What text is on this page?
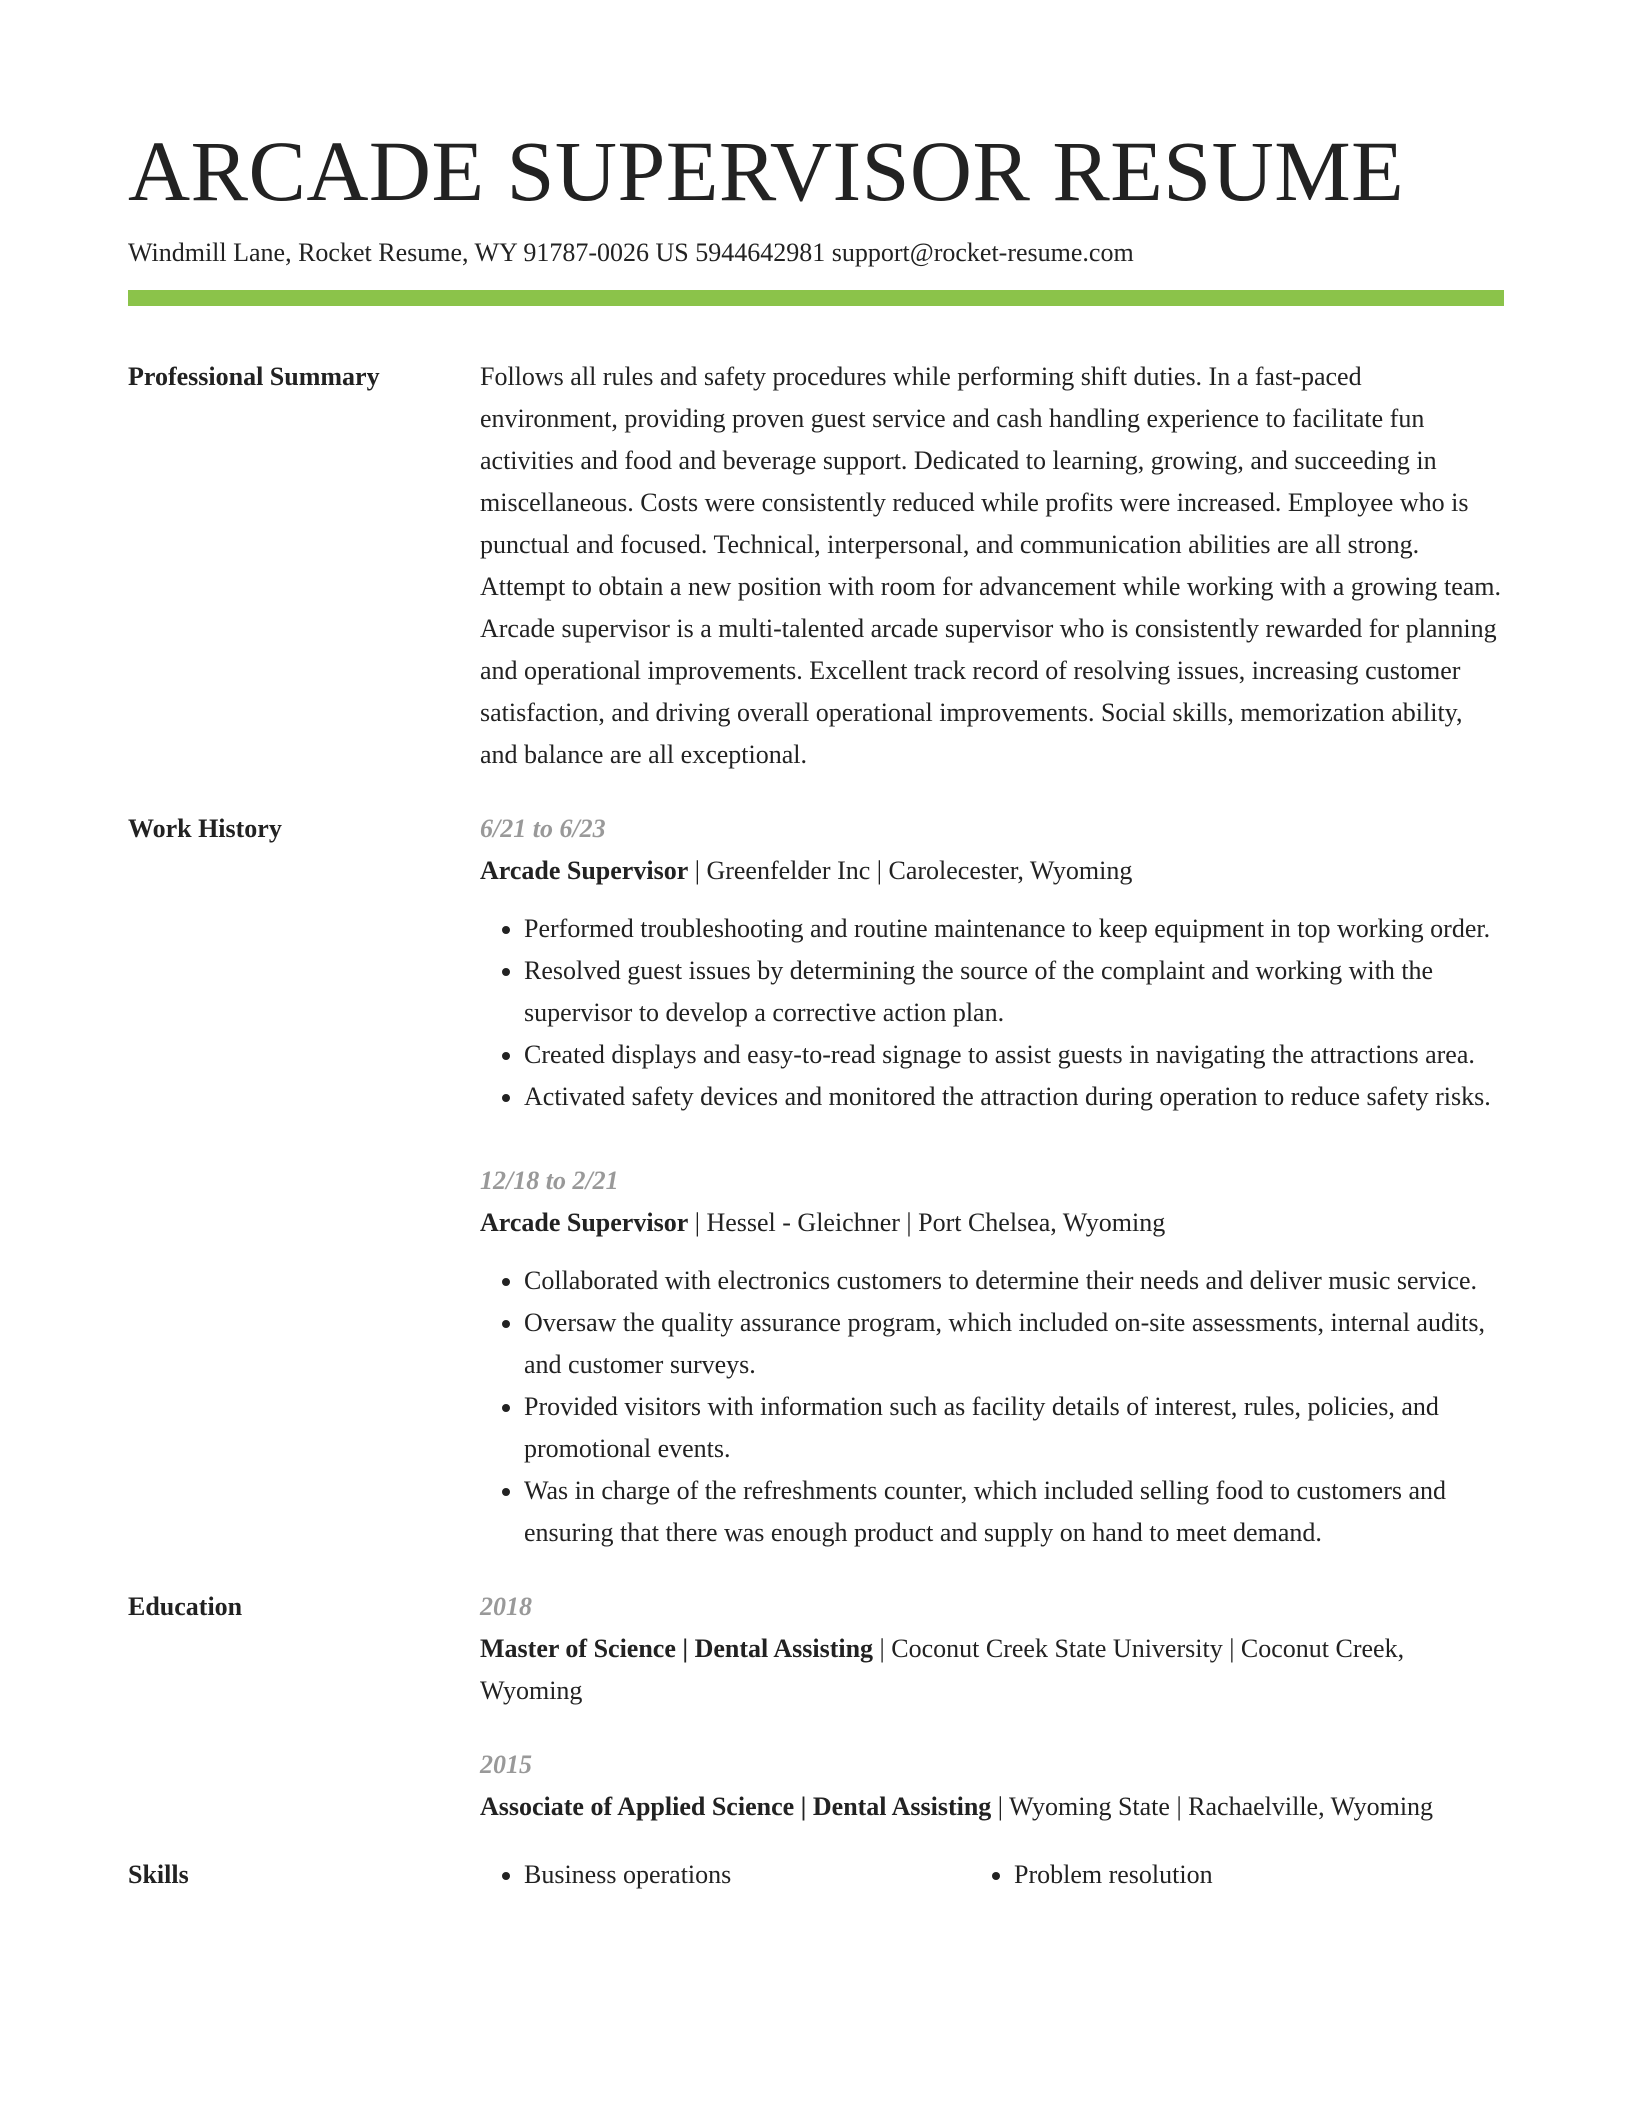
ARCADE SUPERVISOR RESUME
Windmill Lane, Rocket Resume, WY 91787-0026 US 5944642981 support@rocket-resume.com
Professional Summary	Follows all rules and safety procedures while performing shift duties. In a fast-paced environment, providing proven guest service and cash handling experience to facilitate fun activities and food and beverage support. Dedicated to learning, growing, and succeeding in miscellaneous. Costs were consistently reduced while profits were increased. Employee who is punctual and focused. Technical, interpersonal, and communication abilities are all strong. Attempt to obtain a new position with room for advancement while working with a growing team. Arcade supervisor is a multi-talented arcade supervisor who is consistently rewarded for planning and operational improvements. Excellent track record of resolving issues, increasing customer satisfaction, and driving overall operational improvements. Social skills, memorization ability, and balance are all exceptional.
Work History	6/21 to 6/23
Arcade Supervisor | Greenfelder Inc | Carolecester, Wyoming
• Performed troubleshooting and routine maintenance to keep equipment in top working order.
• Resolved guest issues by determining the source of the complaint and working with the supervisor to develop a corrective action plan.
• Created displays and easy-to-read signage to assist guests in navigating the attractions area.
• Activated safety devices and monitored the attraction during operation to reduce safety risks.
12/18 to 2/21
Arcade Supervisor | Hessel - Gleichner | Port Chelsea, Wyoming
• Collaborated with electronics customers to determine their needs and deliver music service.
• Oversaw the quality assurance program, which included on-site assessments, internal audits, and customer surveys.
• Provided visitors with information such as facility details of interest, rules, policies, and promotional events.
• Was in charge of the refreshments counter, which included selling food to customers and ensuring that there was enough product and supply on hand to meet demand.
Education	2018
Master of Science | Dental Assisting | Coconut Creek State University | Coconut Creek, Wyoming
2015
Associate of Applied Science | Dental Assisting | Wyoming State | Rachaelville, Wyoming
Skills	Business operations	Problem resolution
